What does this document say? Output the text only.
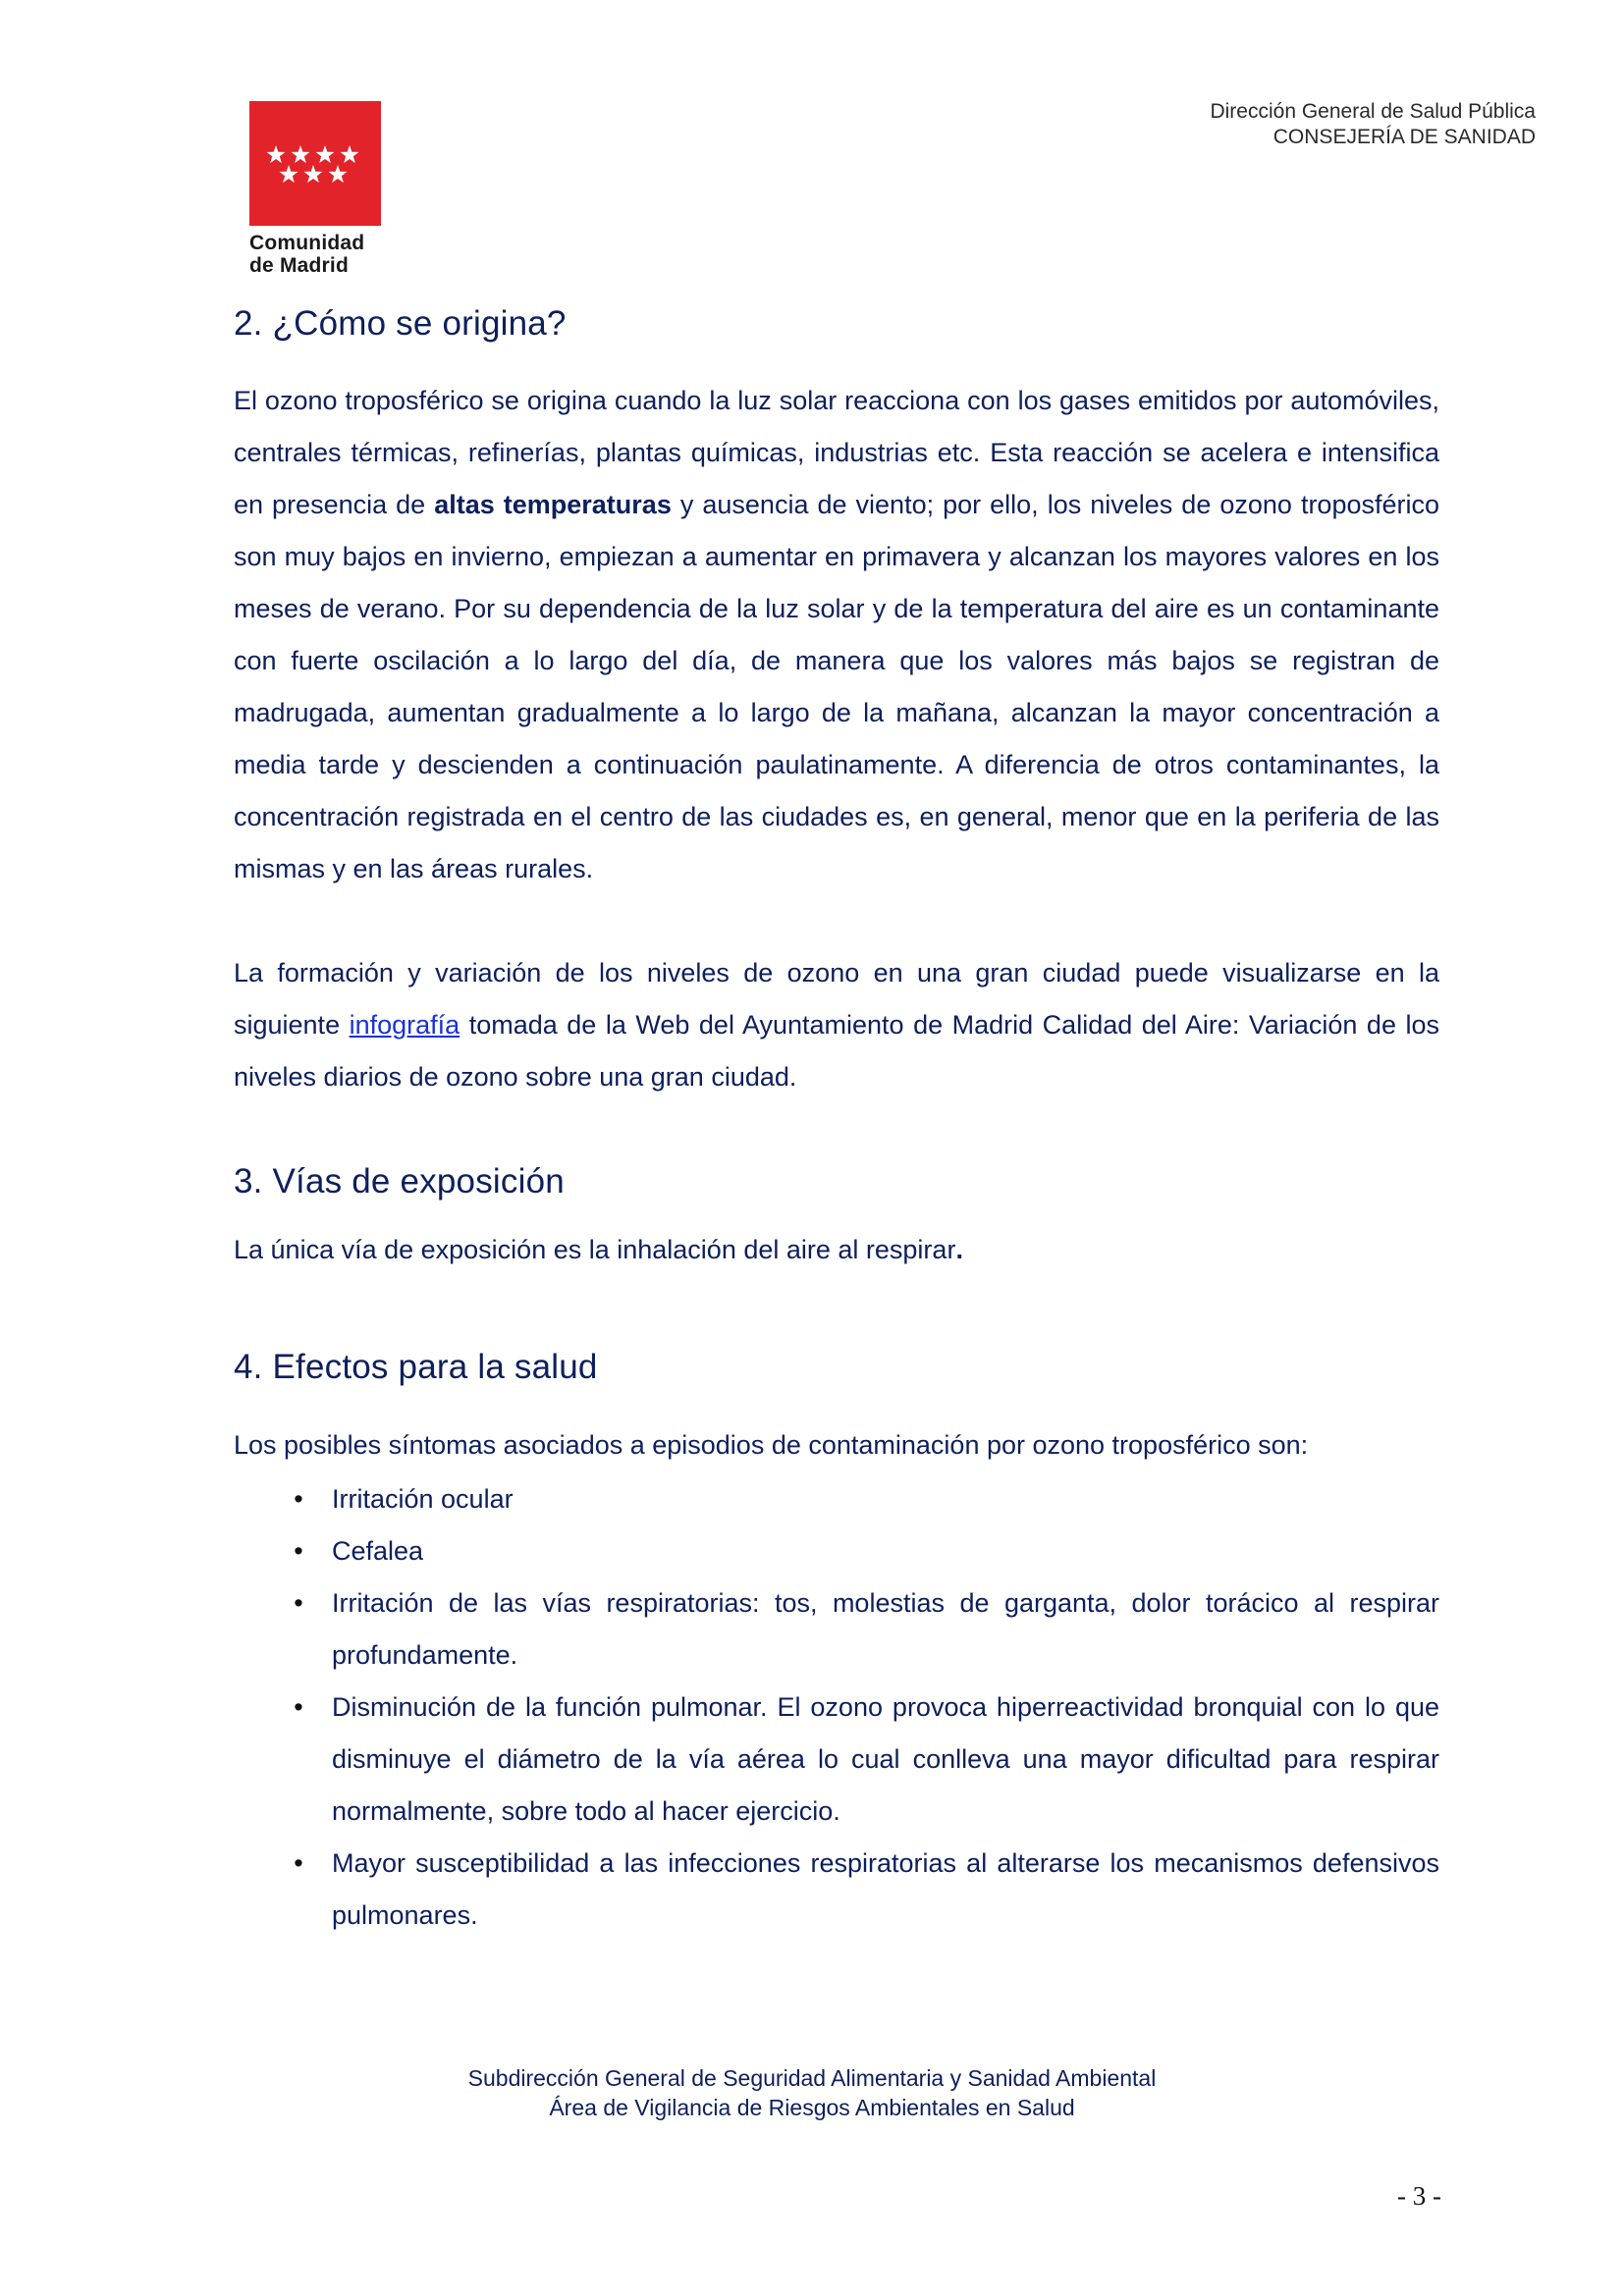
Comunidad
de Madrid
Dirección General de Salud Pública
CONSEJERÍA DE SANIDAD
2. ¿Cómo se origina?

El ozono troposférico se origina cuando la luz solar reacciona con los gases emitidos por automóviles, centrales térmicas, refinerías, plantas químicas, industrias etc. Esta reacción se acelera e intensifica en presencia de altas temperaturas y ausencia de viento; por ello, los niveles de ozono troposférico son muy bajos en invierno, empiezan a aumentar en primavera y alcanzan los mayores valores en los meses de verano. Por su dependencia de la luz solar y de la temperatura del aire es un contaminante con fuerte oscilación a lo largo del día, de manera que los valores más bajos se registran de madrugada, aumentan gradualmente a lo largo de la mañana, alcanzan la mayor concentración a media tarde y descienden a continuación paulatinamente. A diferencia de otros contaminantes, la concentración registrada en el centro de las ciudades es, en general, menor que en la periferia de las mismas y en las áreas rurales.

La formación y variación de los niveles de ozono en una gran ciudad puede visualizarse en la siguiente infografía tomada de la Web del Ayuntamiento de Madrid Calidad del Aire: Variación de los niveles diarios de ozono sobre una gran ciudad.

3. Vías de exposición

La única vía de exposición es la inhalación del aire al respirar.

4. Efectos para la salud

Los posibles síntomas asociados a episodios de contaminación por ozono troposférico son:

• Irritación ocular
• Cefalea
• Irritación de las vías respiratorias: tos, molestias de garganta, dolor torácico al respirar profundamente.
• Disminución de la función pulmonar. El ozono provoca hiperreactividad bronquial con lo que disminuye el diámetro de la vía aérea lo cual conlleva una mayor dificultad para respirar normalmente, sobre todo al hacer ejercicio.
• Mayor susceptibilidad a las infecciones respiratorias al alterarse los mecanismos defensivos pulmonares.
Subdirección General de Seguridad Alimentaria y Sanidad Ambiental
Área de Vigilancia de Riesgos Ambientales en Salud
- 3 -
